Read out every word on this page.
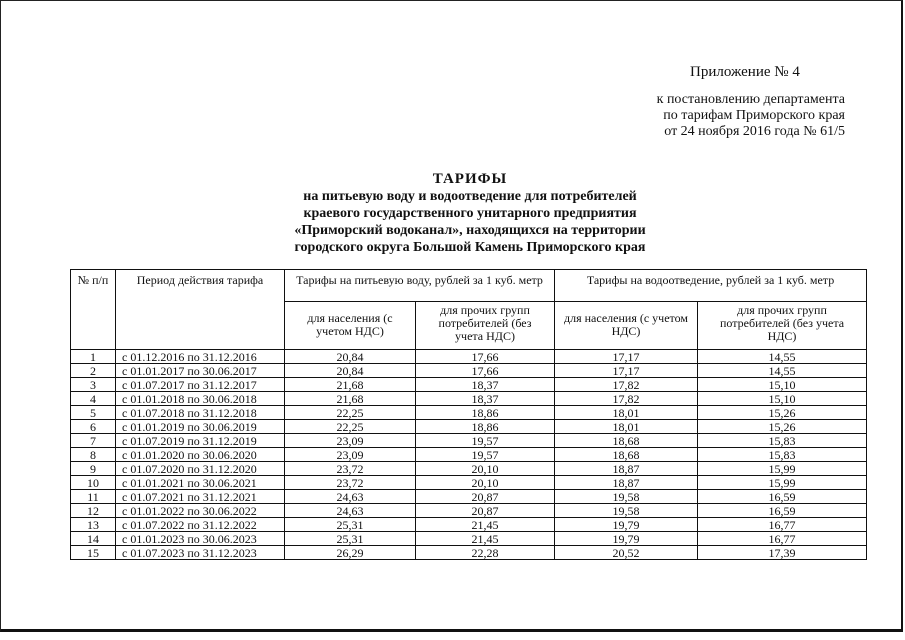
Приложение № 4
к постановлению департамента
по тарифам Приморского края
от 24 ноября 2016 года № 61/5
ТАРИФЫ
на питьевую воду и водоотведение для потребителей
краевого государственного унитарного предприятия
«Приморский водоканал», находящихся на территории
городского округа Большой Камень Приморского края
№ п/п	Период действия тарифа	Тарифы на питьевую воду, рублей за 1 куб. метр		Тарифы на водоотведение, рублей за 1 куб. метр	
		для населения (с учетом НДС)	для прочих групп потребителей (без учета НДС)	для населения (с учетом НДС)	для прочих групп потребителей (без учета НДС)
1	с 01.12.2016 по 31.12.2016	20,84	17,66	17,17	14,55
2	с 01.01.2017 по 30.06.2017	20,84	17,66	17,17	14,55
3	с 01.07.2017 по 31.12.2017	21,68	18,37	17,82	15,10
4	с 01.01.2018 по 30.06.2018	21,68	18,37	17,82	15,10
5	с 01.07.2018 по 31.12.2018	22,25	18,86	18,01	15,26
6	с 01.01.2019 по 30.06.2019	22,25	18,86	18,01	15,26
7	с 01.07.2019 по 31.12.2019	23,09	19,57	18,68	15,83
8	с 01.01.2020 по 30.06.2020	23,09	19,57	18,68	15,83
9	с 01.07.2020 по 31.12.2020	23,72	20,10	18,87	15,99
10	с 01.01.2021 по 30.06.2021	23,72	20,10	18,87	15,99
11	с 01.07.2021 по 31.12.2021	24,63	20,87	19,58	16,59
12	с 01.01.2022 по 30.06.2022	24,63	20,87	19,58	16,59
13	с 01.07.2022 по 31.12.2022	25,31	21,45	19,79	16,77
14	с 01.01.2023 по 30.06.2023	25,31	21,45	19,79	16,77
15	с 01.07.2023 по 31.12.2023	26,29	22,28	20,52	17,39
